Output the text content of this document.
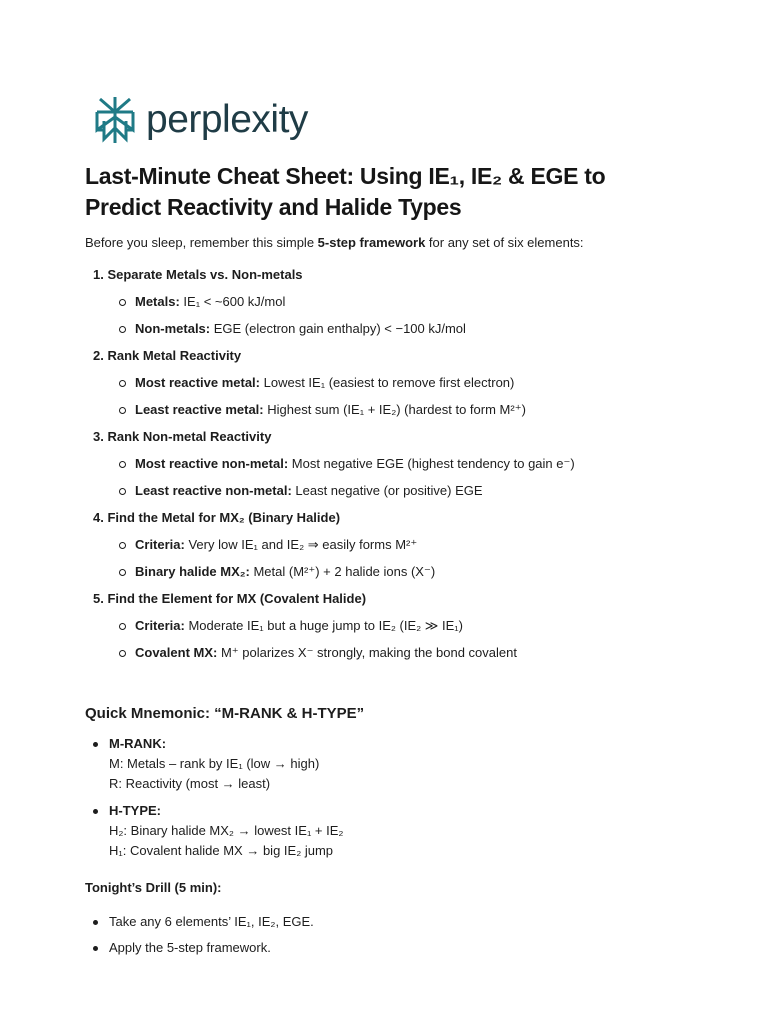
perplexity
Last-Minute Cheat Sheet: Using IE₁, IE₂ & EGE to Predict Reactivity and Halide Types

Before you sleep, remember this simple 5-step framework for any set of six elements:

1. Separate Metals vs. Non-metals
Metals: IE₁ < ~600 kJ/mol
Non-metals: EGE (electron gain enthalpy) < −100 kJ/mol
2. Rank Metal Reactivity
Most reactive metal: Lowest IE₁ (easiest to remove first electron)
Least reactive metal: Highest sum (IE₁ + IE₂) (hardest to form M²⁺)
3. Rank Non-metal Reactivity
Most reactive non-metal: Most negative EGE (highest tendency to gain e⁻)
Least reactive non-metal: Least negative (or positive) EGE
4. Find the Metal for MX₂ (Binary Halide)
Criteria: Very low IE₁ and IE₂ ⇒ easily forms M²⁺
Binary halide MX₂: Metal (M²⁺) + 2 halide ions (X⁻)
5. Find the Element for MX (Covalent Halide)
Criteria: Moderate IE₁ but a huge jump to IE₂ (IE₂ ≫ IE₁)
Covalent MX: M⁺ polarizes X⁻ strongly, making the bond covalent
Quick Mnemonic: “M-RANK & H-TYPE”
M-RANK:
M: Metals – rank by IE₁ (low → high)
R: Reactivity (most → least)
H-TYPE:
H₂: Binary halide MX₂ → lowest IE₁ + IE₂
H₁: Covalent halide MX → big IE₂ jump
Tonight’s Drill (5 min):
Take any 6 elements’ IE₁, IE₂, EGE.
Apply the 5-step framework.
